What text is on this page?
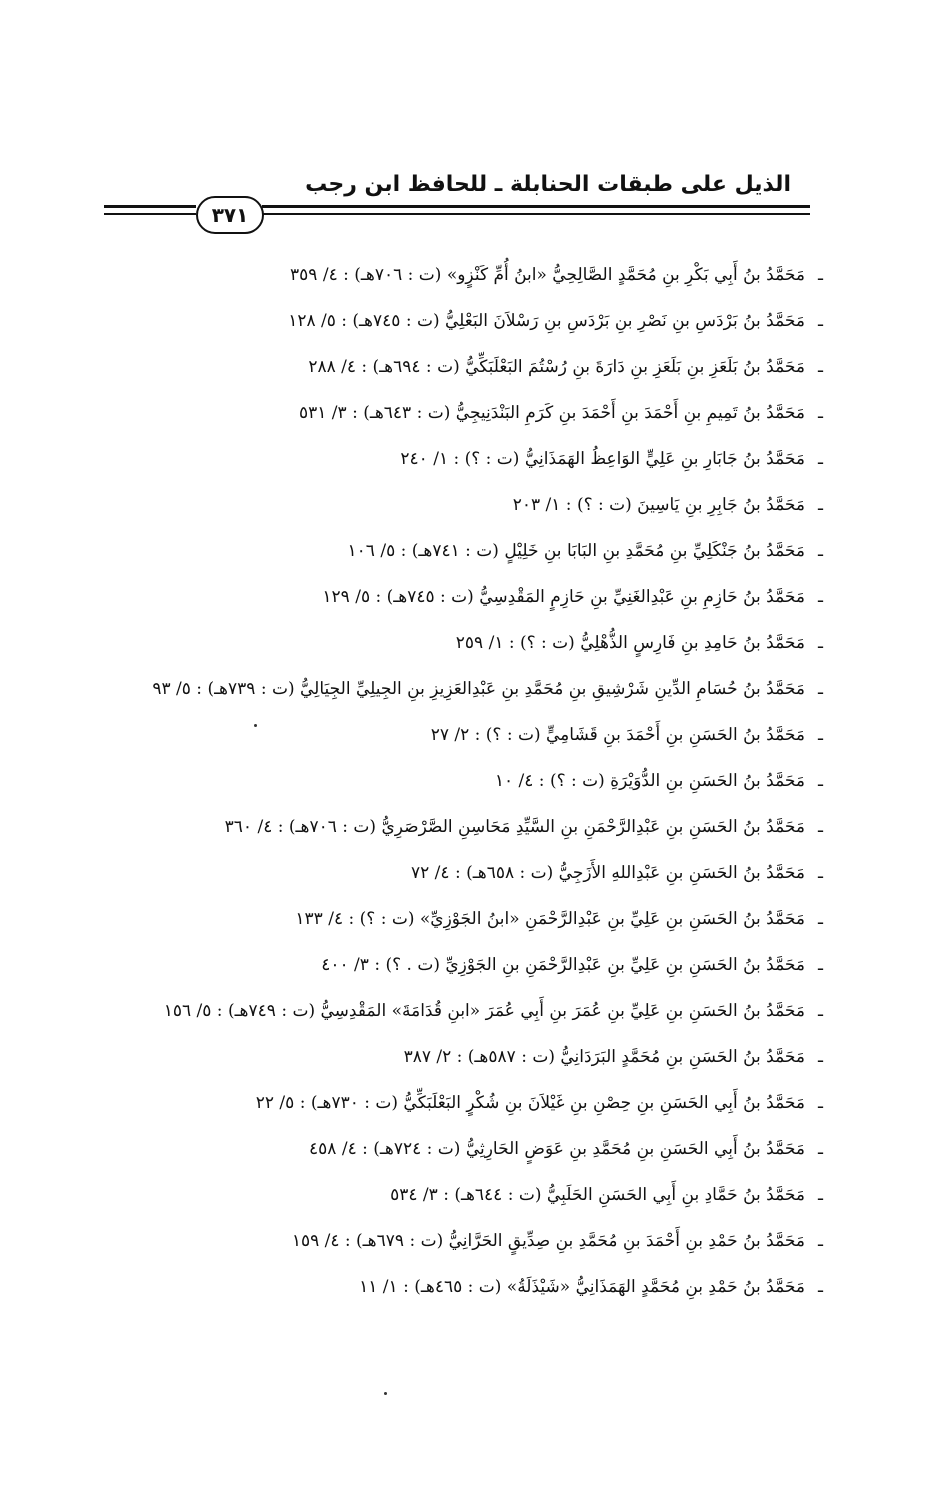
الذيل على طبقات الحنابلة ـ للحافظ ابن رجب
٣٧١
ـمَحَمَّدُ بنُ أَبِي بَكْرِ بنِ مُحَمَّدٍ الصَّالِحِيُّ «ابنُ أُمِّ كَنْزٍو» (ت : ٧٠٦هـ) : ٤/ ٣٥٩
ـمَحَمَّدُ بنُ بَرْدَسِ بنِ نَصْرِ بنِ بَرْدَسِ بنِ رَسْلاَنَ البَعْلِيُّ (ت : ٧٤٥هـ) : ٥/ ١٢٨
ـمَحَمَّدُ بنُ بَلَعَزِ بنِ بَلَعَزِ بنِ دَارَةَ بنِ رُسْتُمَ البَعْلَبَكِّيُّ (ت : ٦٩٤هـ) : ٤/ ٢٨٨
ـمَحَمَّدُ بنُ تَمِيمِ بنِ أَحْمَدَ بنِ أَحْمَدَ بنِ كَرَمِ البَنْدَنِيجِيُّ (ت : ٦٤٣هـ) : ٣/ ٥٣١
ـمَحَمَّدُ بنُ جَابَارِ بنِ عَلِيٍّ الوَاعِظُ الهَمَذَانِيُّ (ت : ؟) : ١/ ٢٤٠
ـمَحَمَّدُ بنُ جَابِرِ بنِ يَاسِينَ (ت : ؟) : ١/ ٢٠٣
ـمَحَمَّدُ بنُ جَنْكَلِيِّ بنِ مُحَمَّدِ بنِ البَابَا بنِ خَلِيْلٍ (ت : ٧٤١هـ) : ٥/ ١٠٦
ـمَحَمَّدُ بنُ حَازِمِ بنِ عَبْدِالغَنِيِّ بنِ حَازِمٍ المَقْدِسِيُّ (ت : ٧٤٥هـ) : ٥/ ١٢٩
ـمَحَمَّدُ بنُ حَامِدِ بنِ فَارِسٍ الذُّهْلِيُّ (ت : ؟) : ١/ ٢٥٩
ـمَحَمَّدُ بنُ حُسَامِ الدِّينِ شَرْشِيقِ بنِ مُحَمَّدِ بنِ عَبْدِالعَزِيزِ بنِ الجِيلِيِّ الجِيَالِيُّ (ت : ٧٣٩هـ) : ٥/ ٩٣
ـمَحَمَّدُ بنُ الحَسَنِ بنِ أَحْمَدَ بنِ قَشَامِيٍّ (ت : ؟) : ٢/ ٢٧
ـمَحَمَّدُ بنُ الحَسَنِ بنِ الدُّوَيْرَةِ (ت : ؟) : ٤/ ١٠
ـمَحَمَّدُ بنُ الحَسَنِ بنِ عَبْدِالرَّحْمَنِ بنِ السَّيِّدِ مَحَاسِنِ الصَّرْصَرِيُّ (ت : ٧٠٦هـ) : ٤/ ٣٦٠
ـمَحَمَّدُ بنُ الحَسَنِ بنِ عَبْدِاللهِ الأَزَجِيُّ (ت : ٦٥٨هـ) : ٤/ ٧٢
ـمَحَمَّدُ بنُ الحَسَنِ بنِ عَلِيِّ بنِ عَبْدِالرَّحْمَنِ «ابنُ الجَوْزِيِّ» (ت : ؟) : ٤/ ١٣٣
ـمَحَمَّدُ بنُ الحَسَنِ بنِ عَلِيِّ بنِ عَبْدِالرَّحْمَنِ بنِ الجَوْزِيِّ (ت . ؟) : ٣/ ٤٠٠
ـمَحَمَّدُ بنُ الحَسَنِ بنِ عَلِيِّ بنِ عُمَرَ بنِ أَبِي عُمَرَ «ابنِ قُدَامَةَ» المَقْدِسِيُّ (ت : ٧٤٩هـ) : ٥/ ١٥٦
ـمَحَمَّدُ بنُ الحَسَنِ بنِ مُحَمَّدٍ البَرَدَانِيُّ (ت : ٥٨٧هـ) : ٢/ ٣٨٧
ـمَحَمَّدُ بنُ أَبِي الحَسَنِ بنِ حِصْنِ بنِ غَيْلاَنَ بنِ شُكْرٍ البَعْلَبَكِّيُّ (ت : ٧٣٠هـ) : ٥/ ٢٢
ـمَحَمَّدُ بنُ أَبِي الحَسَنِ بنِ مُحَمَّدِ بنِ عَوَضٍ الحَارِثِيُّ (ت : ٧٢٤هـ) : ٤/ ٤٥٨
ـمَحَمَّدُ بنُ حَمَّادِ بنِ أَبِي الحَسَنِ الحَلَبِيُّ (ت : ٦٤٤هـ) : ٣/ ٥٣٤
ـمَحَمَّدُ بنُ حَمْدِ بنِ أَحْمَدَ بنِ مُحَمَّدِ بنِ صِدِّيقٍ الحَرَّانِيُّ (ت : ٦٧٩هـ) : ٤/ ١٥٩
ـمَحَمَّدُ بنُ حَمْدِ بنِ مُحَمَّدٍ الهَمَذَانِيُّ «شَيْذَلَةُ» (ت : ٤٦٥هـ) : ١/ ١١
